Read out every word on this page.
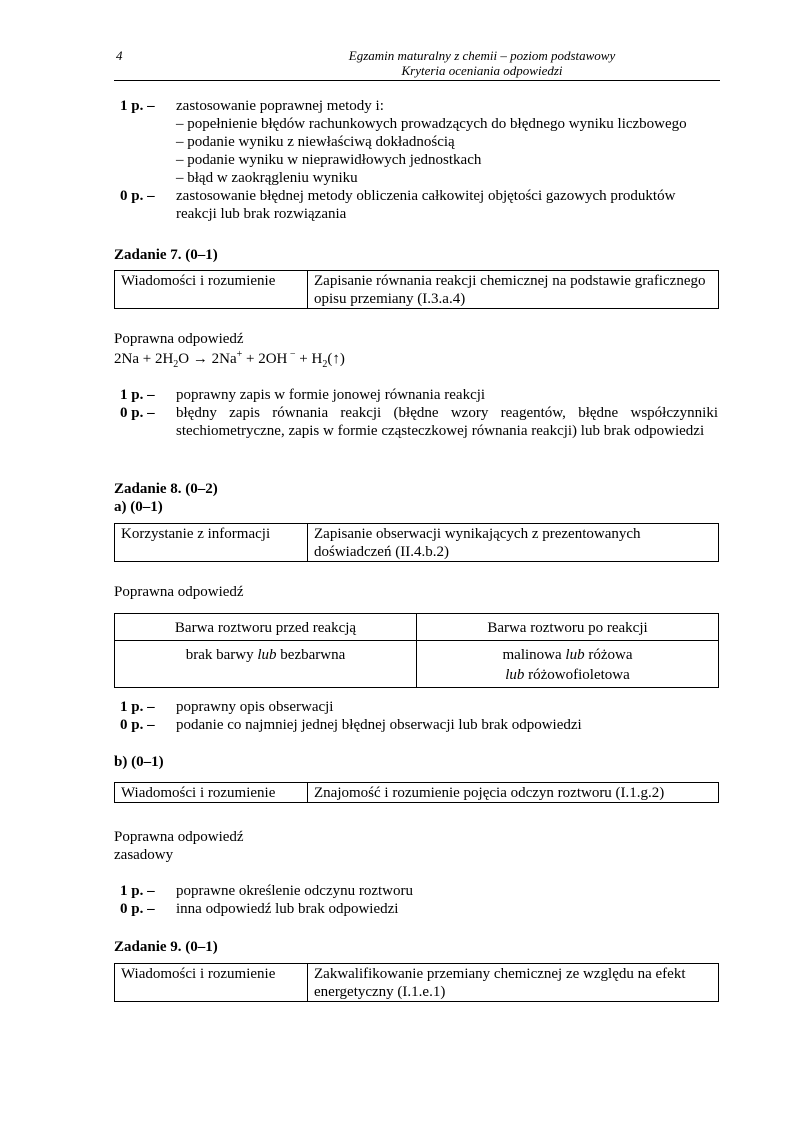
4	Egzamin maturalny z chemii – poziom podstawowy
Kryteria oceniania odpowiedzi
1 p. –	zastosowanie poprawnej metody i:
– popełnienie błędów rachunkowych prowadzących do błędnego wyniku liczbowego
– podanie wyniku z niewłaściwą dokładnością
– podanie wyniku w nieprawidłowych jednostkach
– błąd w zaokrągleniu wyniku
0 p. –	zastosowanie błędnej metody obliczenia całkowitej objętości gazowych produktów reakcji lub brak rozwiązania
Zadanie 7. (0–1)
Wiadomości i rozumienie	Zapisanie równania reakcji chemicznej na podstawie graficznego opisu przemiany (I.3.a.4)
Poprawna odpowiedź
$2Na + 2H_2O \to 2Na^+ + 2OH$ $^- + H_2(↑)$
1 p. –	poprawny zapis w formie jonowej równania reakcji
0 p. –	błędny zapis równania reakcji (błędne wzory reagentów, błędne współczynniki stechiometryczne, zapis w formie cząsteczkowej równania reakcji) lub brak odpowiedzi
Zadanie 8. (0–2)
a) (0–1)
Korzystanie z informacji	Zapisanie obserwacji wynikających z prezentowanych doświadczeń (II.4.b.2)
Poprawna odpowiedź
Barwa roztworu przed reakcją	Barwa roztworu po reakcji
brak barwy lub bezbarwna	malinowa lub różowa
lub różowofioletowa
1 p. –	poprawny opis obserwacji
0 p. –	podanie co najmniej jednej błędnej obserwacji lub brak odpowiedzi
b) (0–1)
Wiadomości i rozumienie	Znajomość i rozumienie pojęcia odczyn roztworu (I.1.g.2)
Poprawna odpowiedź
zasadowy
1 p. –	poprawne określenie odczynu roztworu
0 p. –	inna odpowiedź lub brak odpowiedzi
Zadanie 9. (0–1)
Wiadomości i rozumienie	Zakwalifikowanie przemiany chemicznej ze względu na efekt energetyczny (I.1.e.1)
